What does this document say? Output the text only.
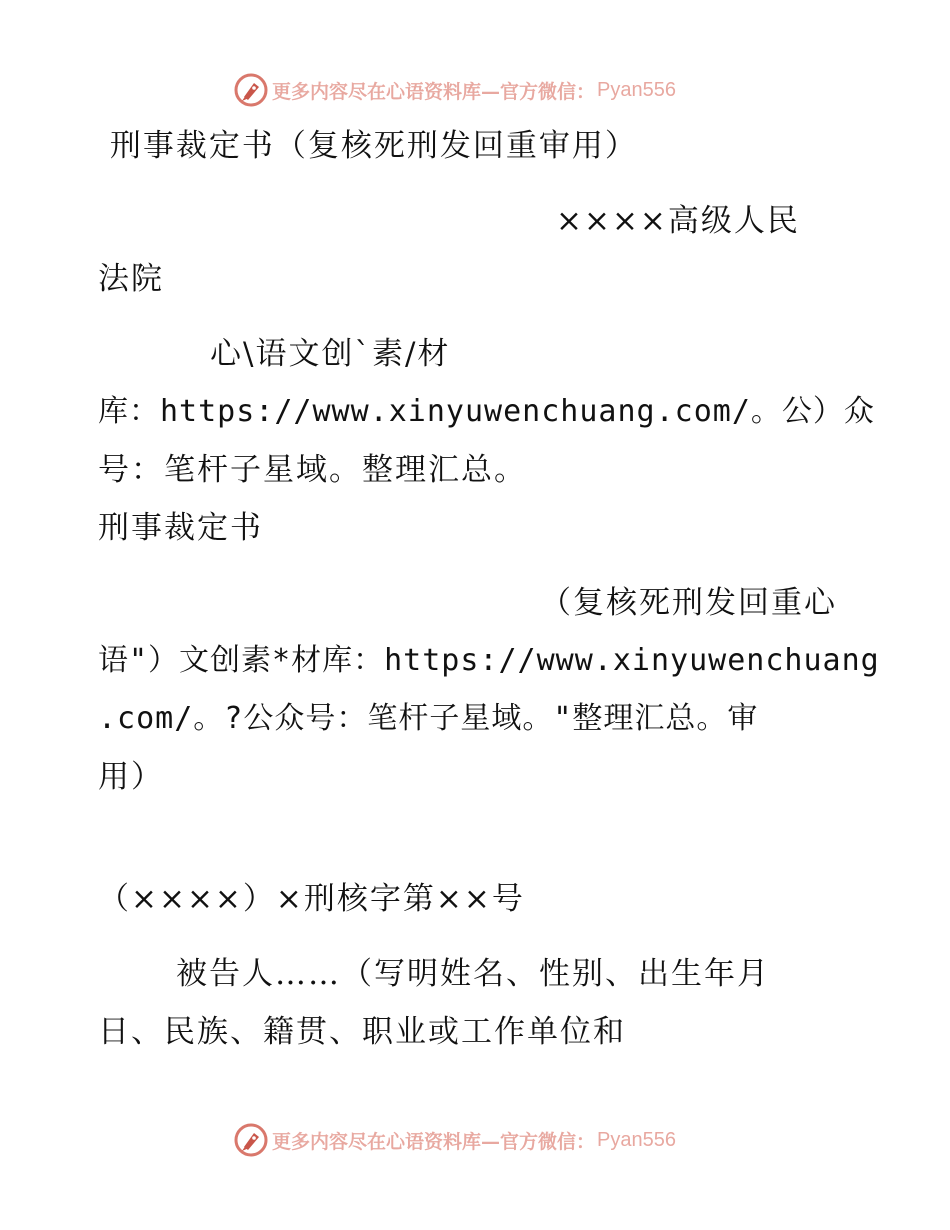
更多内容尽在心语资料库—官方微信： Pyan556
刑事裁定书（复核死刑发回重审用）
××××高级人民
法院
心\语文创`素/材
库：https://www.xinyuwenchuang.com/。公）众
号：笔杆子星域。整理汇总。
刑事裁定书
（复核死刑发回重心
语"）文创素*材库：https://www.xinyuwenchuang
.com/。?公众号：笔杆子星域。"整理汇总。审
用）
（××××）×刑核字第××号
被告人……（写明姓名、性别、出生年月
日、民族、籍贯、职业或工作单位和
更多内容尽在心语资料库—官方微信： Pyan556
